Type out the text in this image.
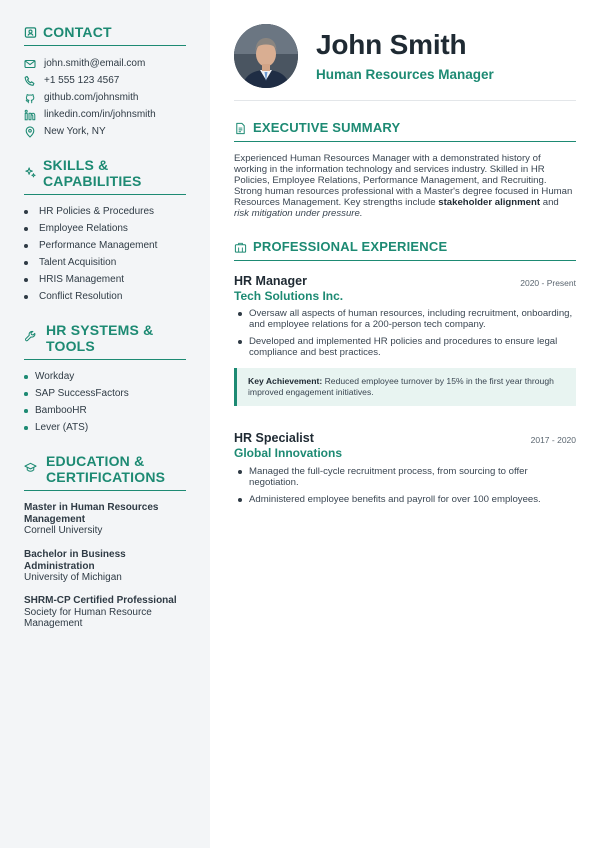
CONTACT
john.smith@email.com
+1 555 123 4567
github.com/johnsmith
linkedin.com/in/johnsmith
New York, NY
SKILLS &
CAPABILITIES
HR Policies & Procedures
Employee Relations
Performance Management
Talent Acquisition
HRIS Management
Conflict Resolution
HR SYSTEMS &
TOOLS
Workday
SAP SuccessFactors
BambooHR
Lever (ATS)
EDUCATION &
CERTIFICATIONS
Master in Human Resources Management
Cornell University
Bachelor in Business Administration
University of Michigan
SHRM-CP Certified Professional
Society for Human Resource Management
John Smith
Human Resources Manager
EXECUTIVE SUMMARY
Experienced Human Resources Manager with a demonstrated history of working in the information technology and services industry. Skilled in HR Policies, Employee Relations, Performance Management, and Recruiting. Strong human resources professional with a Master's degree focused in Human Resources Management. Key strengths include stakeholder alignment and risk mitigation under pressure.
PROFESSIONAL EXPERIENCE
HR Manager	2020 - Present
Tech Solutions Inc.
Oversaw all aspects of human resources, including recruitment, onboarding, and employee relations for a 200-person tech company.
Developed and implemented HR policies and procedures to ensure legal compliance and best practices.
Key Achievement: Reduced employee turnover by 15% in the first year through improved engagement initiatives.
HR Specialist	2017 - 2020
Global Innovations
Managed the full-cycle recruitment process, from sourcing to offer negotiation.
Administered employee benefits and payroll for over 100 employees.
